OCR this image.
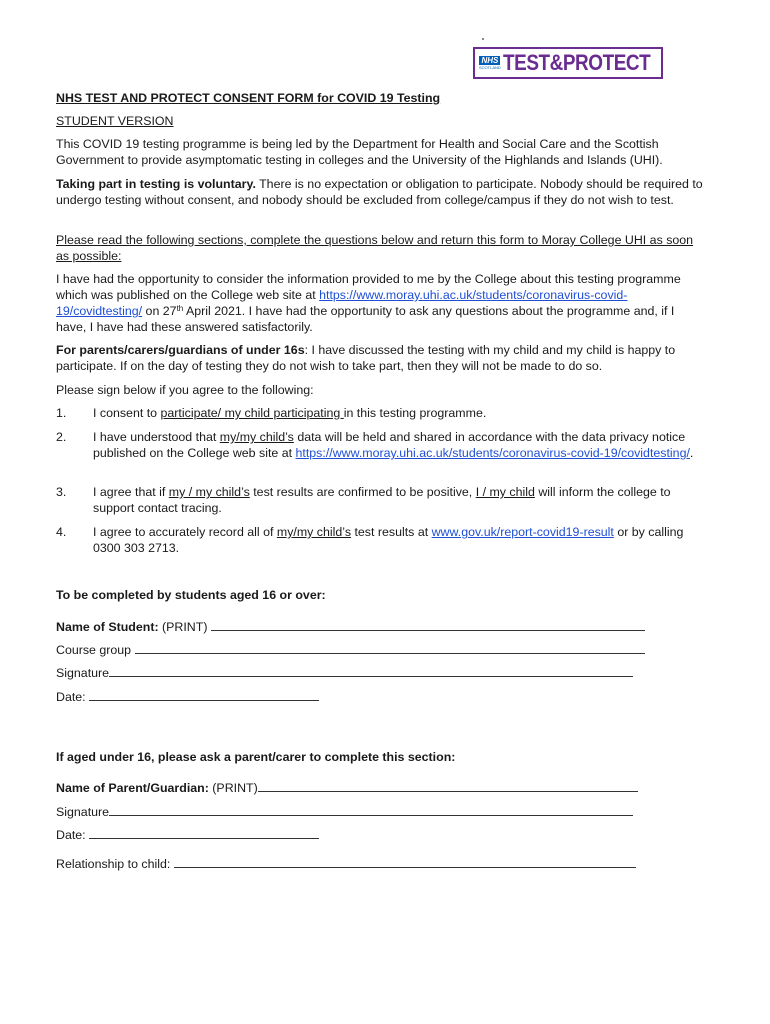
NHS
SCOTLAND TEST&PROTECT

NHS TEST AND PROTECT CONSENT FORM for COVID 19 Testing

STUDENT VERSION

This COVID 19 testing programme is being led by the Department for Health and Social Care and the Scottish Government to provide asymptomatic testing in colleges and the University of the Highlands and Islands (UHI).

Taking part in testing is voluntary. There is no expectation or obligation to participate. Nobody should be required to undergo testing without consent, and nobody should be excluded from college/campus if they do not wish to test.

Please read the following sections, complete the questions below and return this form to Moray College UHI as soon as possible:

I have had the opportunity to consider the information provided to me by the College about this testing programme which was published on the College web site at https://www.moray.uhi.ac.uk/students/coronavirus-covid-19/covidtesting/ on 27th April 2021. I have had the opportunity to ask any questions about the programme and, if I have, I have had these answered satisfactorily.

For parents/carers/guardians of under 16s: I have discussed the testing with my child and my child is happy to participate. If on the day of testing they do not wish to take part, then they will not be made to do so.

Please sign below if you agree to the following:

1. I consent to participate/ my child participating in this testing programme.

2. I have understood that my/my child’s data will be held and shared in accordance with the data privacy notice published on the College web site at https://www.moray.uhi.ac.uk/students/coronavirus-covid-19/covidtesting/.

3. I agree that if my / my child’s test results are confirmed to be positive, I / my child will inform the college to support contact tracing.

4. I agree to accurately record all of my/my child’s test results at www.gov.uk/report-covid19-result or by calling 0300 303 2713.

To be completed by students aged 16 or over:

Name of Student: (PRINT)
Course group
Signature
Date:

If aged under 16, please ask a parent/carer to complete this section:

Name of Parent/Guardian: (PRINT)
Signature
Date:
Relationship to child:
